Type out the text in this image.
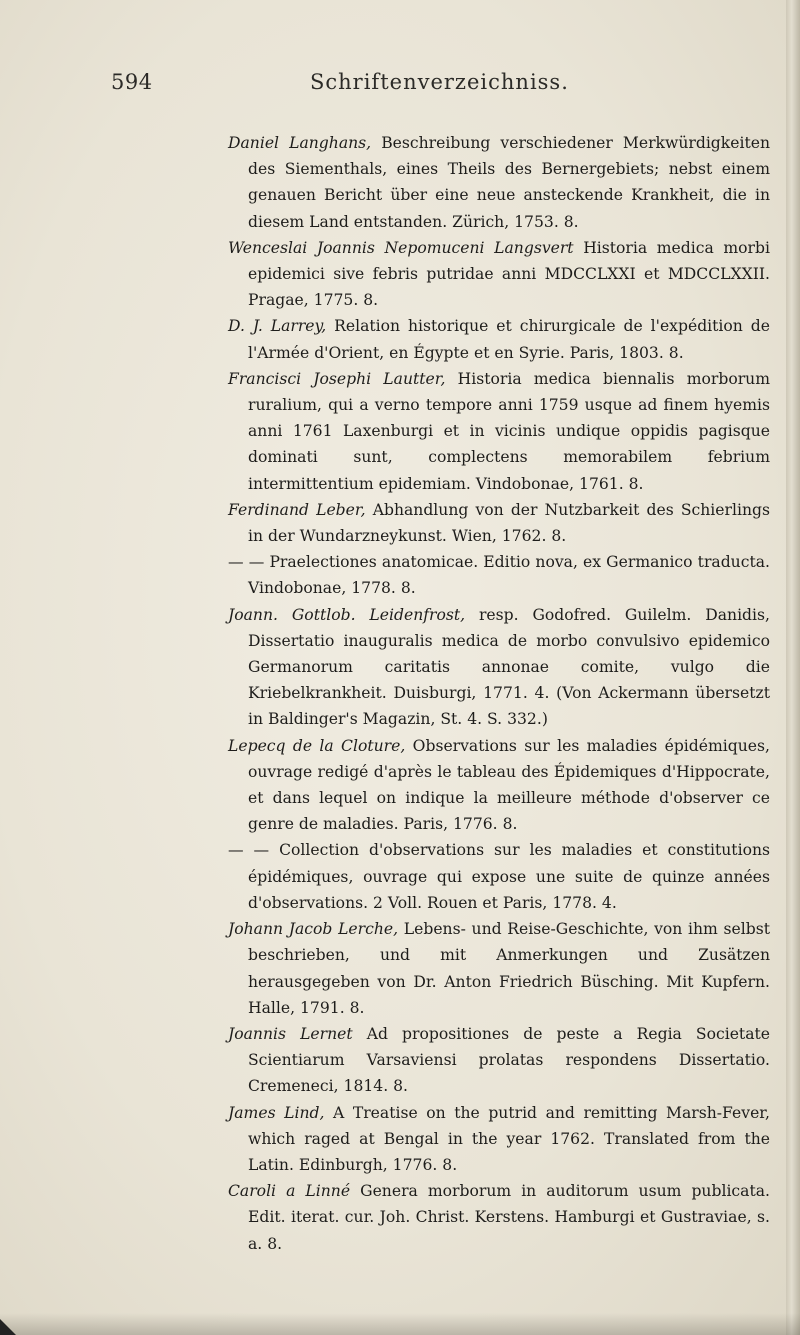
594	Schriftenverzeichniss.

Daniel Langhans, Beschreibung verschiedener Merkwürdigkeiten des Siementhals, eines Theils des Bernergebiets; nebst einem genauen Bericht über eine neue ansteckende Krankheit, die in diesem Land entstanden. Zürich, 1753. 8.

Wenceslai Joannis Nepomuceni Langsvert Historia medica morbi epidemici sive febris putridae anni MDCCLXXI et MDCCLXXII. Pragae, 1775. 8.

D. J. Larrey, Relation historique et chirurgicale de l'expédition de l'Armée d'Orient, en Égypte et en Syrie. Paris, 1803. 8.

Francisci Josephi Lautter, Historia medica biennalis morborum ruralium, qui a verno tempore anni 1759 usque ad finem hyemis anni 1761 Laxenburgi et in vicinis undique oppidis pagisque dominati sunt, complectens memorabilem febrium intermittentium epidemiam. Vindobonae, 1761. 8.

Ferdinand Leber, Abhandlung von der Nutzbarkeit des Schierlings in der Wundarzneykunst. Wien, 1762. 8.

— — Praelectiones anatomicae. Editio nova, ex Germanico traducta. Vindobonae, 1778. 8.

Joann. Gottlob. Leidenfrost, resp. Godofred. Guilelm. Danidis, Dissertatio inauguralis medica de morbo convulsivo epidemico Germanorum caritatis annonae comite, vulgo die Kriebelkrankheit. Duisburgi, 1771. 4. (Von Ackermann übersetzt in Baldinger's Magazin, St. 4. S. 332.)

Lepecq de la Cloture, Observations sur les maladies épidémiques, ouvrage redigé d'après le tableau des Épidemiques d'Hippocrate, et dans lequel on indique la meilleure méthode d'observer ce genre de maladies. Paris, 1776. 8.

— — Collection d'observations sur les maladies et constitutions épidémiques, ouvrage qui expose une suite de quinze années d'observations. 2 Voll. Rouen et Paris, 1778. 4.

Johann Jacob Lerche, Lebens- und Reise-Geschichte, von ihm selbst beschrieben, und mit Anmerkungen und Zusätzen herausgegeben von Dr. Anton Friedrich Büsching. Mit Kupfern. Halle, 1791. 8.

Joannis Lernet Ad propositiones de peste a Regia Societate Scientiarum Varsaviensi prolatas respondens Dissertatio. Cremeneci, 1814. 8.

James Lind, A Treatise on the putrid and remitting Marsh-Fever, which raged at Bengal in the year 1762. Translated from the Latin. Edinburgh, 1776. 8.

Caroli a Linné Genera morborum in auditorum usum publicata. Edit. iterat. cur. Joh. Christ. Kerstens. Hamburgi et Gustraviae, s. a. 8.
